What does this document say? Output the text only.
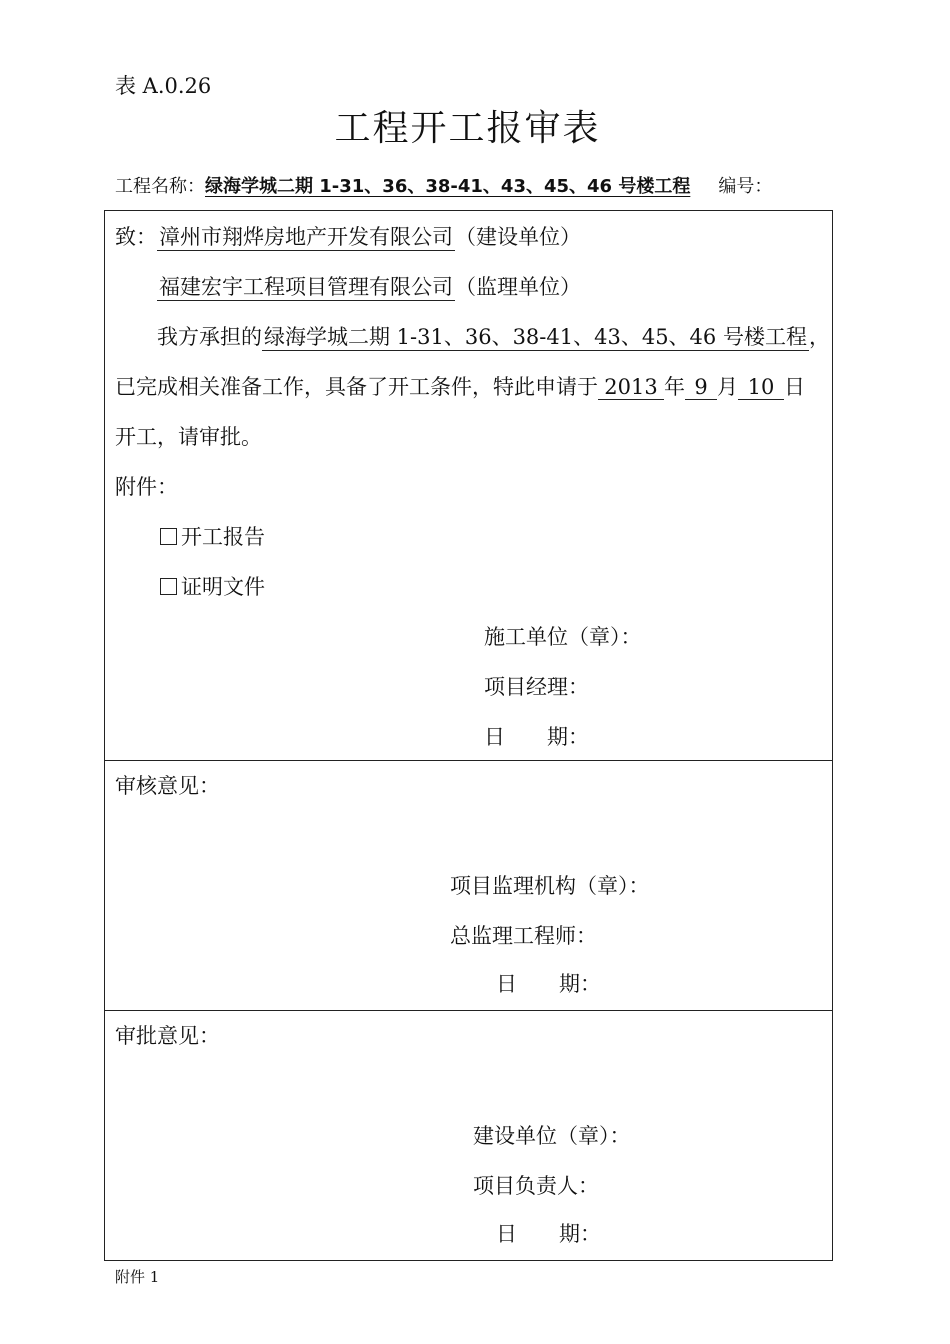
表 A.0.26
工程开工报审表
工程名称：绿海学城二期 1-31、36、38-41、43、45、46 号楼工程 编号：
致：漳州市翔烨房地产开发有限公司（建设单位）
福建宏宇工程项目管理有限公司（监理单位）
我方承担的绿海学城二期 1-31、36、38-41、43、45、46 号楼工程，
已完成相关准备工作，具备了开工条件，特此申请于 2013 年 9 月 10 日
开工，请审批。
附件：
开工报告
证明文件
施工单位（章）：
项目经理：
日　　期：
审核意见：
项目监理机构（章）：
总监理工程师：
日　　期：
审批意见：
建设单位（章）：
项目负责人：
日　　期：
附件 1
